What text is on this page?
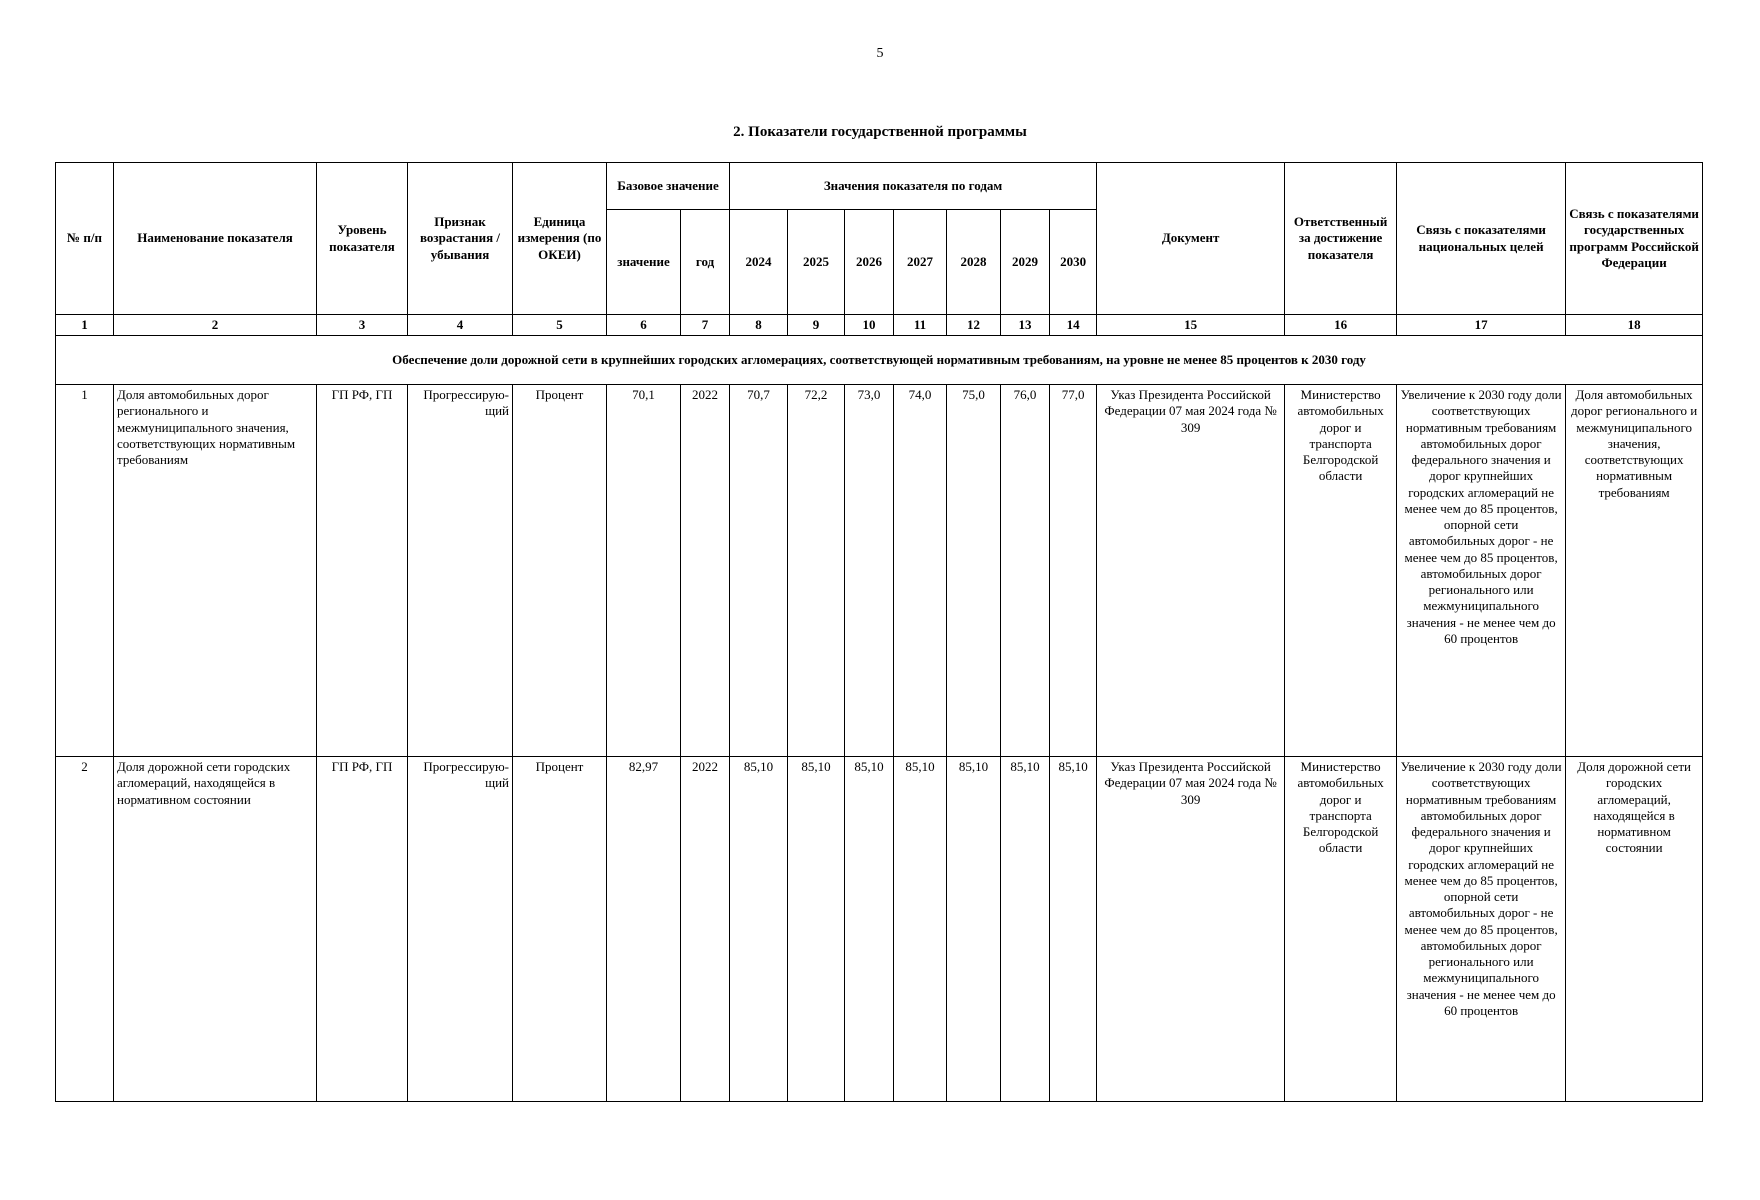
5
2. Показатели государственной программы
№ п/п	Наименование показателя	Уровень показателя	Признак возрастания / убывания	Единица измерения (по ОКЕИ)	Базовое значение		Значения показателя по годам							Документ	Ответственный за достижение показателя	Связь с показателями национальных целей	Связь с показателями государственных программ Российской Федерации
					значение	год	2024	2025	2026	2027	2028	2029	2030				
1	2	3	4	5	6	7	8	9	10	11	12	13	14	15	16	17	18
Обеспечение доли дорожной сети в крупнейших городских агломерациях, соответствующей нормативным требованиям, на уровне не менее 85 процентов к 2030 году																	
1	Доля автомобильных дорог регионального и межмуниципального значения, соответствующих нормативным требованиям	ГП РФ, ГП	Прогрессирую-щий	Процент	70,1	2022	70,7	72,2	73,0	74,0	75,0	76,0	77,0	Указ Президента Российской Федерации 07 мая 2024 года № 309	Министерство автомобильных дорог и транспорта Белгородской области	Увеличение к 2030 году доли соответствующих нормативным требованиям автомобильных дорог федерального значения и дорог крупнейших городских агломераций не менее чем до 85 процентов, опорной сети автомобильных дорог - не менее чем до 85 процентов, автомобильных дорог регионального или межмуниципального значения - не менее чем до 60 процентов	Доля автомобильных дорог регионального и межмуниципального значения, соответствующих нормативным требованиям
2	Доля дорожной сети городских агломераций, находящейся в нормативном состоянии	ГП РФ, ГП	Прогрессирую-щий	Процент	82,97	2022	85,10	85,10	85,10	85,10	85,10	85,10	85,10	Указ Президента Российской Федерации 07 мая 2024 года № 309	Министерство автомобильных дорог и транспорта Белгородской области	Увеличение к 2030 году доли соответствующих нормативным требованиям автомобильных дорог федерального значения и дорог крупнейших городских агломераций не менее чем до 85 процентов, опорной сети автомобильных дорог - не менее чем до 85 процентов, автомобильных дорог регионального или межмуниципального значения - не менее чем до 60 процентов	Доля дорожной сети городских агломераций, находящейся в нормативном состоянии
